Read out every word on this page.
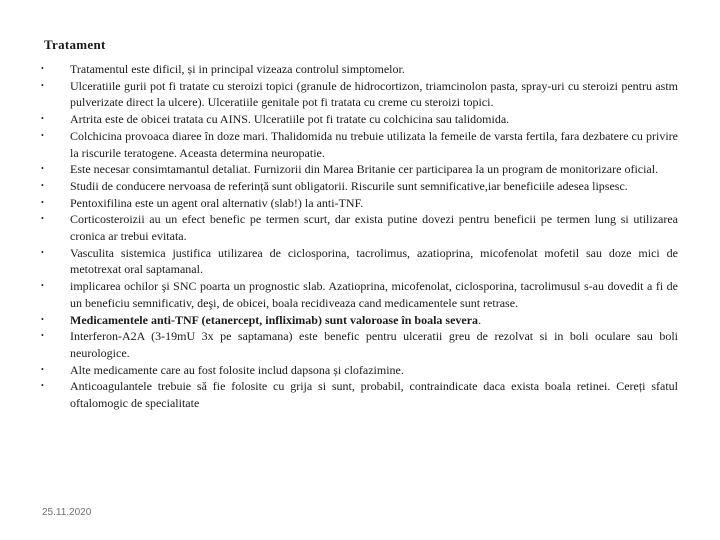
Tratament
•	Tratamentul este dificil, și in principal vizeaza controlul simptomelor.
•	Ulceratiile gurii pot fi tratate cu steroizi topici (granule de hidrocortizon, triamcinolon pasta, spray-uri cu steroizi pentru astm pulverizate direct la ulcere). Ulceratiile genitale pot fi tratata cu creme cu steroizi topici.
•	Artrita este de obicei tratata cu AINS. Ulceratiile pot fi tratate cu colchicina sau talidomida.
•	Colchicina provoaca diaree în doze mari. Thalidomida nu trebuie utilizata la femeile de varsta fertila, fara dezbatere cu privire la riscurile teratogene. Aceasta determina neuropatie.
•	Este necesar consimtamantul detaliat. Furnizorii din Marea Britanie cer participarea la un program de monitorizare oficial.
•	Studii de conducere nervoasa de referință sunt obligatorii. Riscurile sunt semnificative,iar beneficiile adesea lipsesc.
•	Pentoxifilina este un agent oral alternativ (slab!) la anti-TNF.
•	Corticosteroizii au un efect benefic pe termen scurt, dar exista putine dovezi pentru beneficii pe termen lung si utilizarea cronica ar trebui evitata.
•	Vasculita sistemica justifica utilizarea de ciclosporina, tacrolimus, azatioprina, micofenolat mofetil sau doze mici de metotrexat oral saptamanal.
•	implicarea ochilor şi SNC poarta un prognostic slab. Azatioprina, micofenolat, ciclosporina, tacrolimusul s-au dovedit a fi de un beneficiu semnificativ, deşi, de obicei, boala recidiveaza cand medicamentele sunt retrase.
•	Medicamentele anti-TNF (etanercept, infliximab) sunt valoroase în boala severa.
•	Interferon-A2A (3-19mU 3x pe saptamana) este benefic pentru ulceratii greu de rezolvat si in boli oculare sau boli neurologice.
•	Alte medicamente care au fost folosite includ dapsona și clofazimine.
•	Anticoagulantele trebuie să fie folosite cu grija si sunt, probabil, contraindicate daca exista boala retinei. Cereți sfatul oftalomogic de specialitate
25.11.2020
